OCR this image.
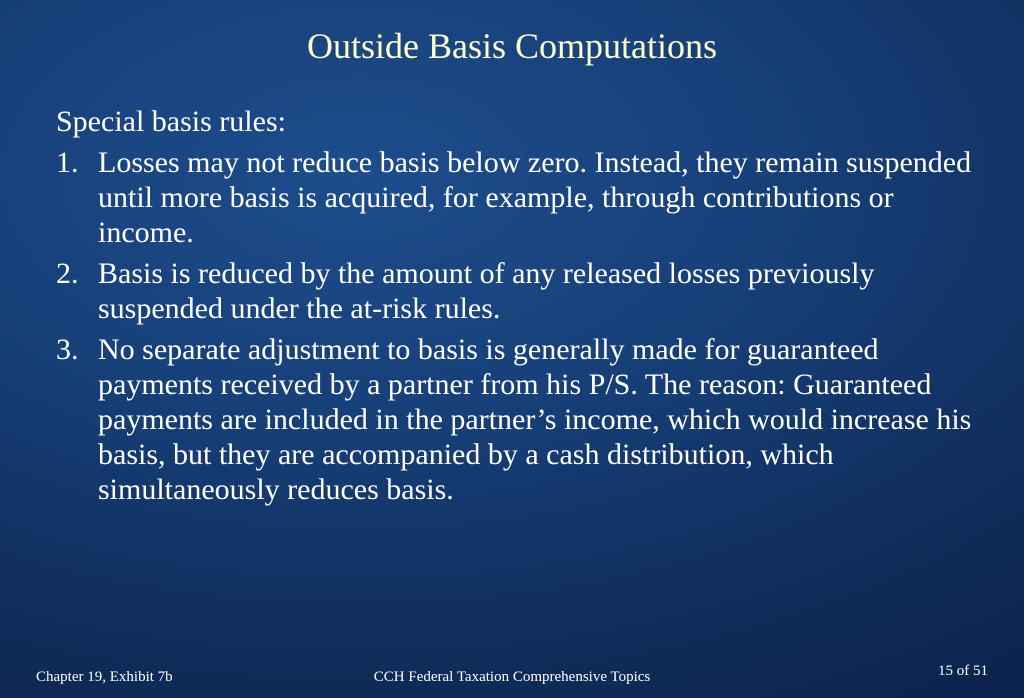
Outside Basis Computations

Special basis rules:

1. Losses may not reduce basis below zero. Instead, they remain suspended until more basis is acquired, for example, through contributions or income.
2. Basis is reduced by the amount of any released losses previously suspended under the at-risk rules.
3. No separate adjustment to basis is generally made for guaranteed payments received by a partner from his P/S. The reason: Guaranteed payments are included in the partner’s income, which would increase his basis, but they are accompanied by a cash distribution, which simultaneously reduces basis.
Chapter 19, Exhibit 7b	CCH Federal Taxation Comprehensive Topics	15 of 51
